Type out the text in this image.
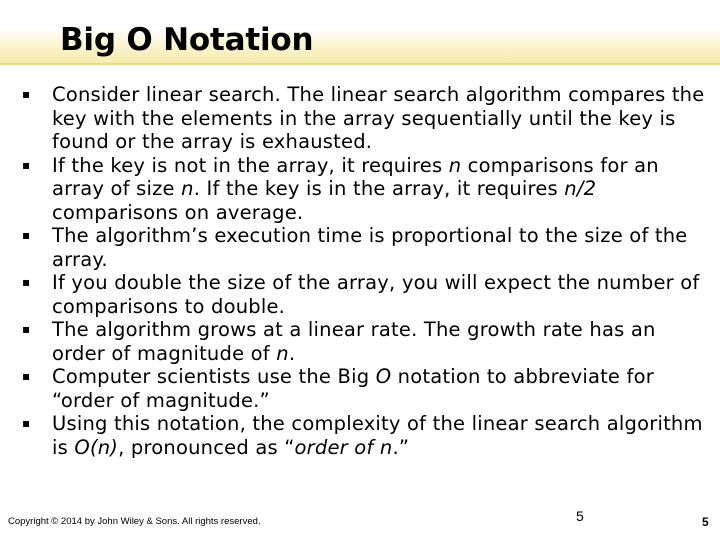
Big O Notation
▪	Consider linear search. The linear search algorithm compares the key with the elements in the array sequentially until the key is found or the array is exhausted.
▪	If the key is not in the array, it requires n comparisons for an array of size n. If the key is in the array, it requires n/2 comparisons on average.
▪	The algorithm’s execution time is proportional to the size of the array.
▪	If you double the size of the array, you will expect the number of comparisons to double.
▪	The algorithm grows at a linear rate. The growth rate has an order of magnitude of n.
▪	Computer scientists use the Big O notation to abbreviate for “order of magnitude.”
▪	Using this notation, the complexity of the linear search algorithm is O(n), pronounced as “order of n.”
Copyright © 2014 by John Wiley & Sons. All rights reserved.	5	5
